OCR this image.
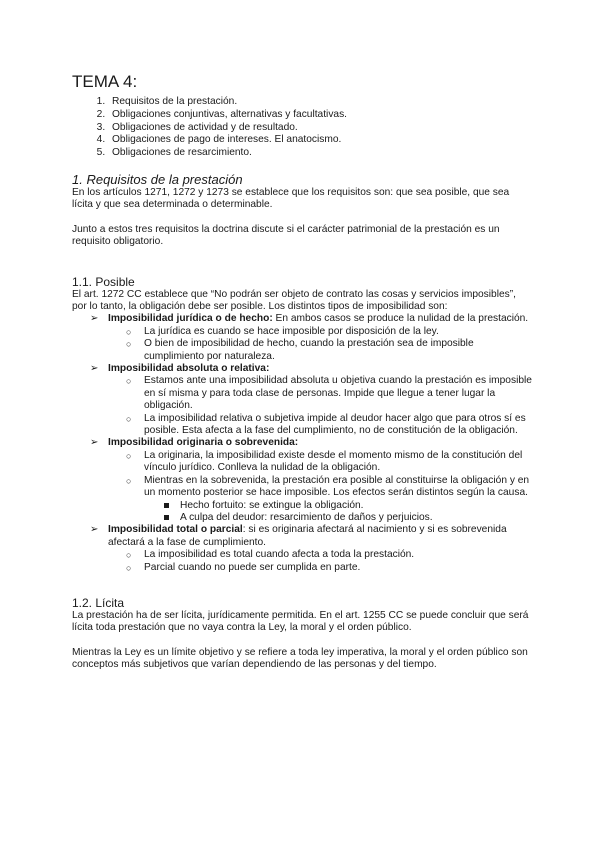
TEMA 4:
1. Requisitos de la prestación.
2. Obligaciones conjuntivas, alternativas y facultativas.
3. Obligaciones de actividad y de resultado.
4. Obligaciones de pago de intereses. El anatocismo.
5. Obligaciones de resarcimiento.
1. Requisitos de la prestación

En los artículos 1271, 1272 y 1273 se establece que los requisitos son: que sea posible, que sea lícita y que sea determinada o determinable.

Junto a estos tres requisitos la doctrina discute si el carácter patrimonial de la prestación es un requisito obligatorio.

1.1. Posible

El art. 1272 CC establece que “No podrán ser objeto de contrato las cosas y servicios imposibles”, por lo tanto, la obligación debe ser posible. Los distintos tipos de imposibilidad son:

➢ Imposibilidad jurídica o de hecho: En ambos casos se produce la nulidad de la prestación.
○ La jurídica es cuando se hace imposible por disposición de la ley.
○ O bien de imposibilidad de hecho, cuando la prestación sea de imposible cumplimiento por naturaleza.
➢ Imposibilidad absoluta o relativa:
○ Estamos ante una imposibilidad absoluta u objetiva cuando la prestación es imposible en sí misma y para toda clase de personas. Impide que llegue a tener lugar la obligación.
○ La imposibilidad relativa o subjetiva impide al deudor hacer algo que para otros sí es posible. Esta afecta a la fase del cumplimiento, no de constitución de la obligación.
➢ Imposibilidad originaria o sobrevenida:
○ La originaria, la imposibilidad existe desde el momento mismo de la constitución del vínculo jurídico. Conlleva la nulidad de la obligación.
○ Mientras en la sobrevenida, la prestación era posible al constituirse la obligación y en un momento posterior se hace imposible. Los efectos serán distintos según la causa.
Hecho fortuito: se extingue la obligación.
A culpa del deudor: resarcimiento de daños y perjuicios.
➢ Imposibilidad total o parcial: si es originaria afectará al nacimiento y si es sobrevenida afectará a la fase de cumplimiento.
○ La imposibilidad es total cuando afecta a toda la prestación.
○ Parcial cuando no puede ser cumplida en parte.
1.2. Lícita

La prestación ha de ser lícita, jurídicamente permitida. En el art. 1255 CC se puede concluir que será lícita toda prestación que no vaya contra la Ley, la moral y el orden público.

Mientras la Ley es un límite objetivo y se refiere a toda ley imperativa, la moral y el orden público son conceptos más subjetivos que varían dependiendo de las personas y del tiempo.
